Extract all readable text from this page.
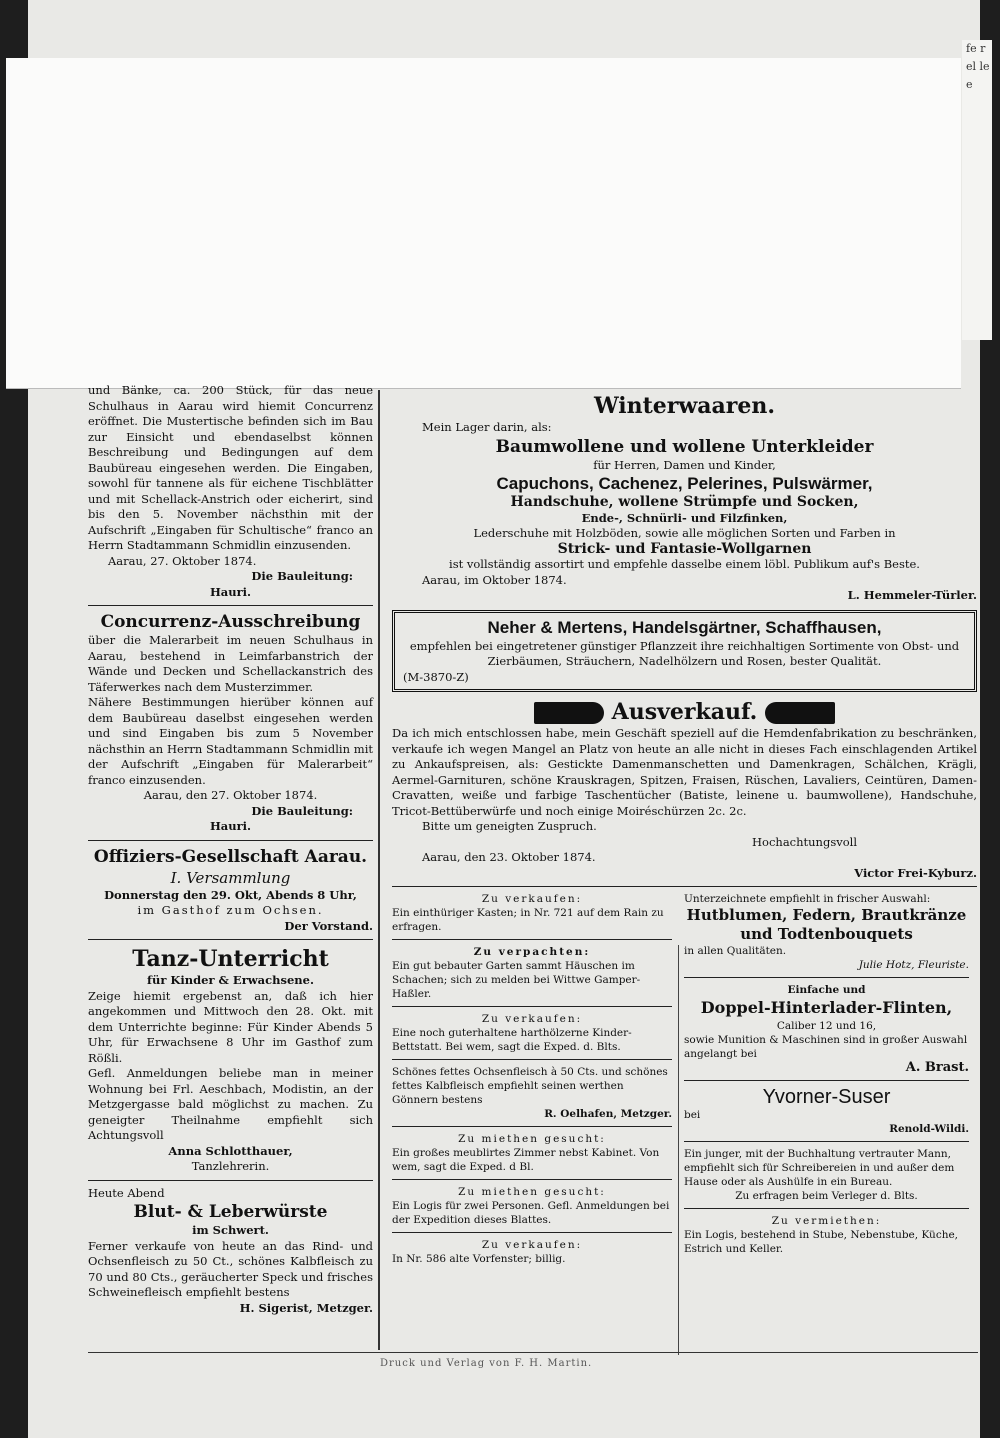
fe r el le e

und Bänke, ca. 200 Stück, für das neue Schulhaus in Aarau wird hiemit Concurrenz eröffnet. Die Mustertische befinden sich im Bau zur Einsicht und ebendaselbst können Beschreibung und Bedingungen auf dem Baubüreau eingesehen werden. Die Eingaben, sowohl für tannene als für eichene Tischblätter und mit Schellack-Anstrich oder eicherirt, sind bis den 5. November nächsthin mit der Aufschrift „Eingaben für Schultische“ franco an Herrn Stadtammann Schmidlin einzusenden.

Aarau, 27. Oktober 1874.

Die Bauleitung:

Hauri.

Concurrenz-Ausschreibung

über die Malerarbeit im neuen Schulhaus in Aarau, bestehend in Leimfarbanstrich der Wände und Decken und Schellackanstrich des Täferwerkes nach dem Musterzimmer.

Nähere Bestimmungen hierüber können auf dem Baubüreau daselbst eingesehen werden und sind Eingaben bis zum 5 November nächsthin an Herrn Stadtammann Schmidlin mit der Aufschrift „Eingaben für Malerarbeit“ franco einzusenden.

Aarau, den 27. Oktober 1874.

Die Bauleitung:

Hauri.

Offiziers-Gesellschaft Aarau.

I. Versammlung

Donnerstag den 29. Okt, Abends 8 Uhr,

im Gasthof zum Ochsen.

Der Vorstand.

Tanz-Unterricht

für Kinder & Erwachsene.

Zeige hiemit ergebenst an, daß ich hier angekommen und Mittwoch den 28. Okt. mit dem Unterrichte beginne: Für Kinder Abends 5 Uhr, für Erwachsene 8 Uhr im Gasthof zum Rößli.

Gefl. Anmeldungen beliebe man in meiner Wohnung bei Frl. Aeschbach, Modistin, an der Metzgergasse bald möglichst zu machen. Zu geneigter Theilnahme empfiehlt sich Achtungsvoll

Anna Schlotthauer,

Tanzlehrerin.

Heute Abend

Blut- & Leberwürste

im Schwert.

Ferner verkaufe von heute an das Rind- und Ochsenfleisch zu 50 Ct., schönes Kalbfleisch zu 70 und 80 Cts., geräucherter Speck und frisches Schweinefleisch empfiehlt bestens

H. Sigerist, Metzger.

Winterwaaren.

Mein Lager darin, als:

Baumwollene und wollene Unterkleider

für Herren, Damen und Kinder,

Capuchons, Cachenez, Pelerines, Pulswärmer,

Handschuhe, wollene Strümpfe und Socken,

Ende-, Schnürli- und Filzfinken,

Lederschuhe mit Holzböden, sowie alle möglichen Sorten und Farben in

Strick- und Fantasie-Wollgarnen

ist vollständig assortirt und empfehle dasselbe einem löbl. Publikum auf's Beste.

Aarau, im Oktober 1874.

L. Hemmeler-Türler.

Neher & Mertens, Handelsgärtner, Schaffhausen,

empfehlen bei eingetretener günstiger Pflanzzeit ihre reichhaltigen Sortimente von Obst- und Zierbäumen, Sträuchern, Nadelhölzern und Rosen, bester Qualität.

(M-3870-Z)

Ausverkauf.

Da ich mich entschlossen habe, mein Geschäft speziell auf die Hemdenfabrikation zu beschränken, verkaufe ich wegen Mangel an Platz von heute an alle nicht in dieses Fach einschlagenden Artikel zu Ankaufspreisen, als: Gestickte Damenmanschetten und Damenkragen, Schälchen, Krägli, Aermel-Garnituren, schöne Krauskragen, Spitzen, Fraisen, Rüschen, Lavaliers, Ceintüren, Damen-Cravatten, weiße und farbige Taschentücher (Batiste, leinene u. baumwollene), Handschuhe, Tricot-Bettüberwürfe und noch einige Moiréschürzen 2c. 2c.

Bitte um geneigten Zuspruch.

Hochachtungsvoll

Aarau, den 23. Oktober 1874.

Victor Frei-Kyburz.

Zu verkaufen:

Ein einthüriger Kasten; in Nr. 721 auf dem Rain zu erfragen.

Zu verpachten:

Ein gut bebauter Garten sammt Häuschen im Schachen; sich zu melden bei Wittwe Gamper-Haßler.

Zu verkaufen:

Eine noch guterhaltene harthölzerne Kinder-Bettstatt. Bei wem, sagt die Exped. d. Blts.

Schönes fettes Ochsenfleisch à 50 Cts. und schönes fettes Kalbfleisch empfiehlt seinen werthen Gönnern bestens

R. Oelhafen, Metzger.

Zu miethen gesucht:

Ein großes meublirtes Zimmer nebst Kabinet. Von wem, sagt die Exped. d Bl.

Zu miethen gesucht:

Ein Logis für zwei Personen. Gefl. Anmeldungen bei der Expedition dieses Blattes.

Zu verkaufen:

In Nr. 586 alte Vorfenster; billig.

Unterzeichnete empfiehlt in frischer Auswahl:

Hutblumen, Federn, Brautkränze und Todtenbouquets

in allen Qualitäten.

Julie Hotz, Fleuriste.

Einfache und

Doppel-Hinterlader-Flinten,

Caliber 12 und 16,

sowie Munition & Maschinen sind in großer Auswahl angelangt bei

A. Brast.

Yvorner-Suser

bei

Renold-Wildi.

Ein junger, mit der Buchhaltung vertrauter Mann, empfiehlt sich für Schreibereien in und außer dem Hause oder als Aushülfe in ein Bureau.

Zu erfragen beim Verleger d. Blts.

Zu vermiethen:

Ein Logis, bestehend in Stube, Nebenstube, Küche, Estrich und Keller.

Druck und Verlag von F. H. Martin.
